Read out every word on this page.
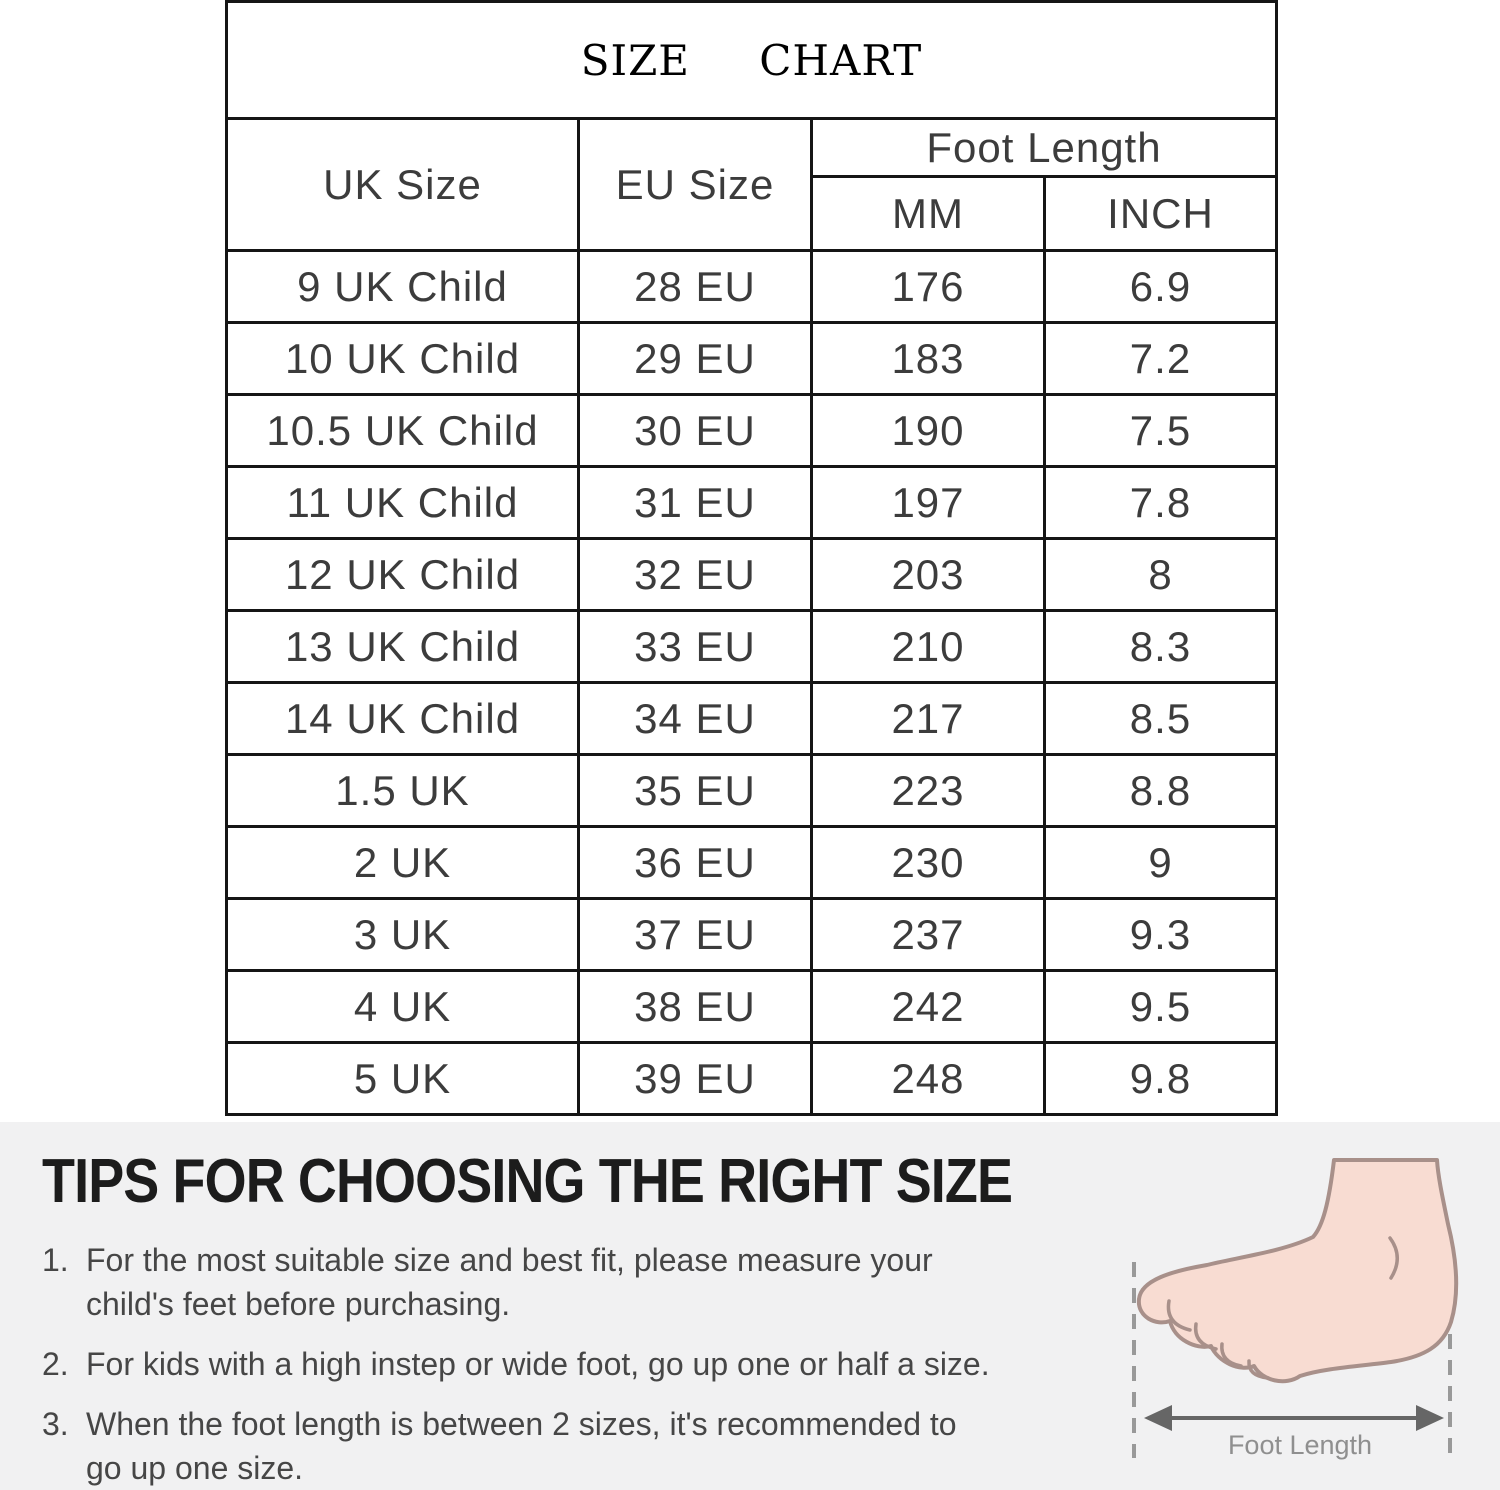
SIZE CHART			
UK Size	EU Size	Foot Length	
		MM	INCH
9 UK Child	28 EU	176	6.9
10 UK Child	29 EU	183	7.2
10.5 UK Child	30 EU	190	7.5
11 UK Child	31 EU	197	7.8
12 UK Child	32 EU	203	8
13 UK Child	33 EU	210	8.3
14 UK Child	34 EU	217	8.5
1.5 UK	35 EU	223	8.8
2 UK	36 EU	230	9
3 UK	37 EU	237	9.3
4 UK	38 EU	242	9.5
5 UK	39 EU	248	9.8
TIPS FOR CHOOSING THE RIGHT SIZE
1. For the most suitable size and best fit, please measure your
child's feet before purchasing.
2. For kids with a high instep or wide foot, go up one or half a size.
3. When the foot length is between 2 sizes, it's recommended to
go up one size.
Foot Length
